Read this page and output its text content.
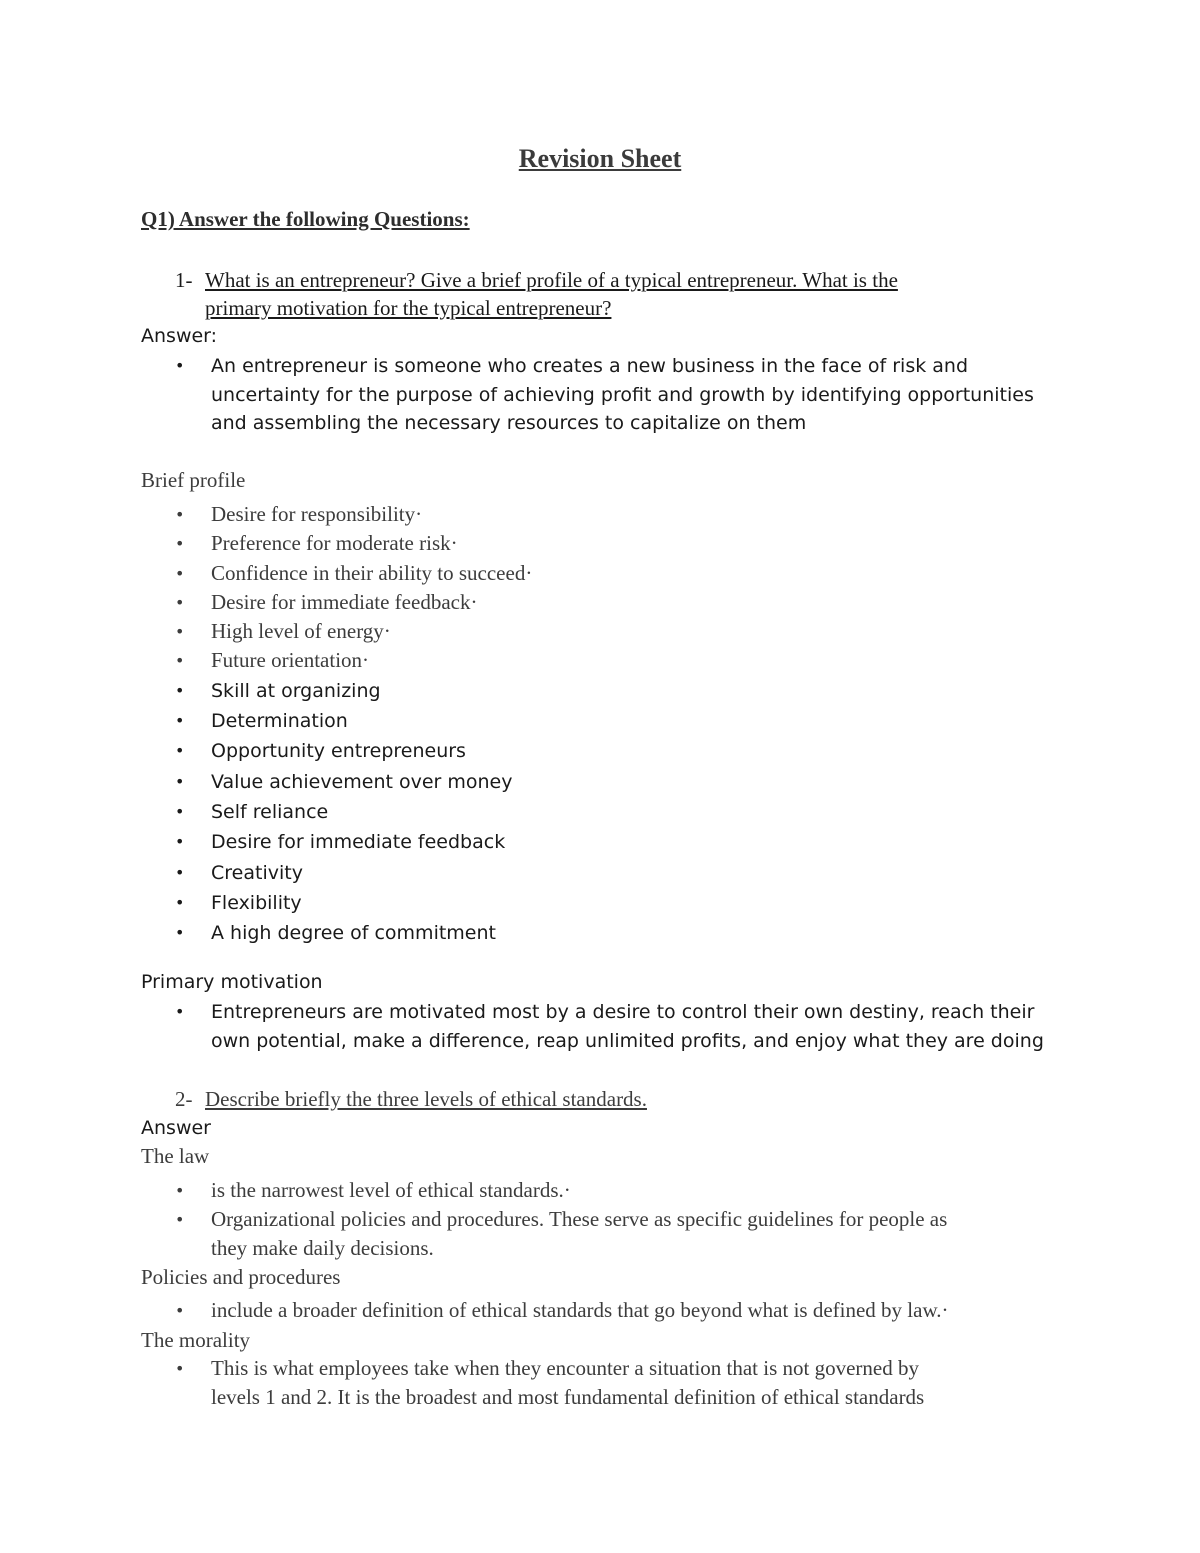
Revision Sheet
Q1) Answer the following Questions:
1- What is an entrepreneur? Give a brief profile of a typical entrepreneur. What is the
primary motivation for the typical entrepreneur?
Answer:
• An entrepreneur is someone who creates a new business in the face of risk and
uncertainty for the purpose of achieving profit and growth by identifying opportunities
and assembling the necessary resources to capitalize on them
Brief profile
• Desire for responsibility·
• Preference for moderate risk·
• Confidence in their ability to succeed·
• Desire for immediate feedback·
• High level of energy·
• Future orientation·
• Skill at organizing
• Determination
• Opportunity entrepreneurs
• Value achievement over money
• Self reliance
• Desire for immediate feedback
• Creativity
• Flexibility
• A high degree of commitment
Primary motivation
• Entrepreneurs are motivated most by a desire to control their own destiny, reach their
own potential, make a difference, reap unlimited profits, and enjoy what they are doing
2- Describe briefly the three levels of ethical standards.
Answer
The law
• is the narrowest level of ethical standards.·
• Organizational policies and procedures. These serve as specific guidelines for people as
they make daily decisions.
Policies and procedures
• include a broader definition of ethical standards that go beyond what is defined by law.·
The morality
• This is what employees take when they encounter a situation that is not governed by
levels 1 and 2. It is the broadest and most fundamental definition of ethical standards
